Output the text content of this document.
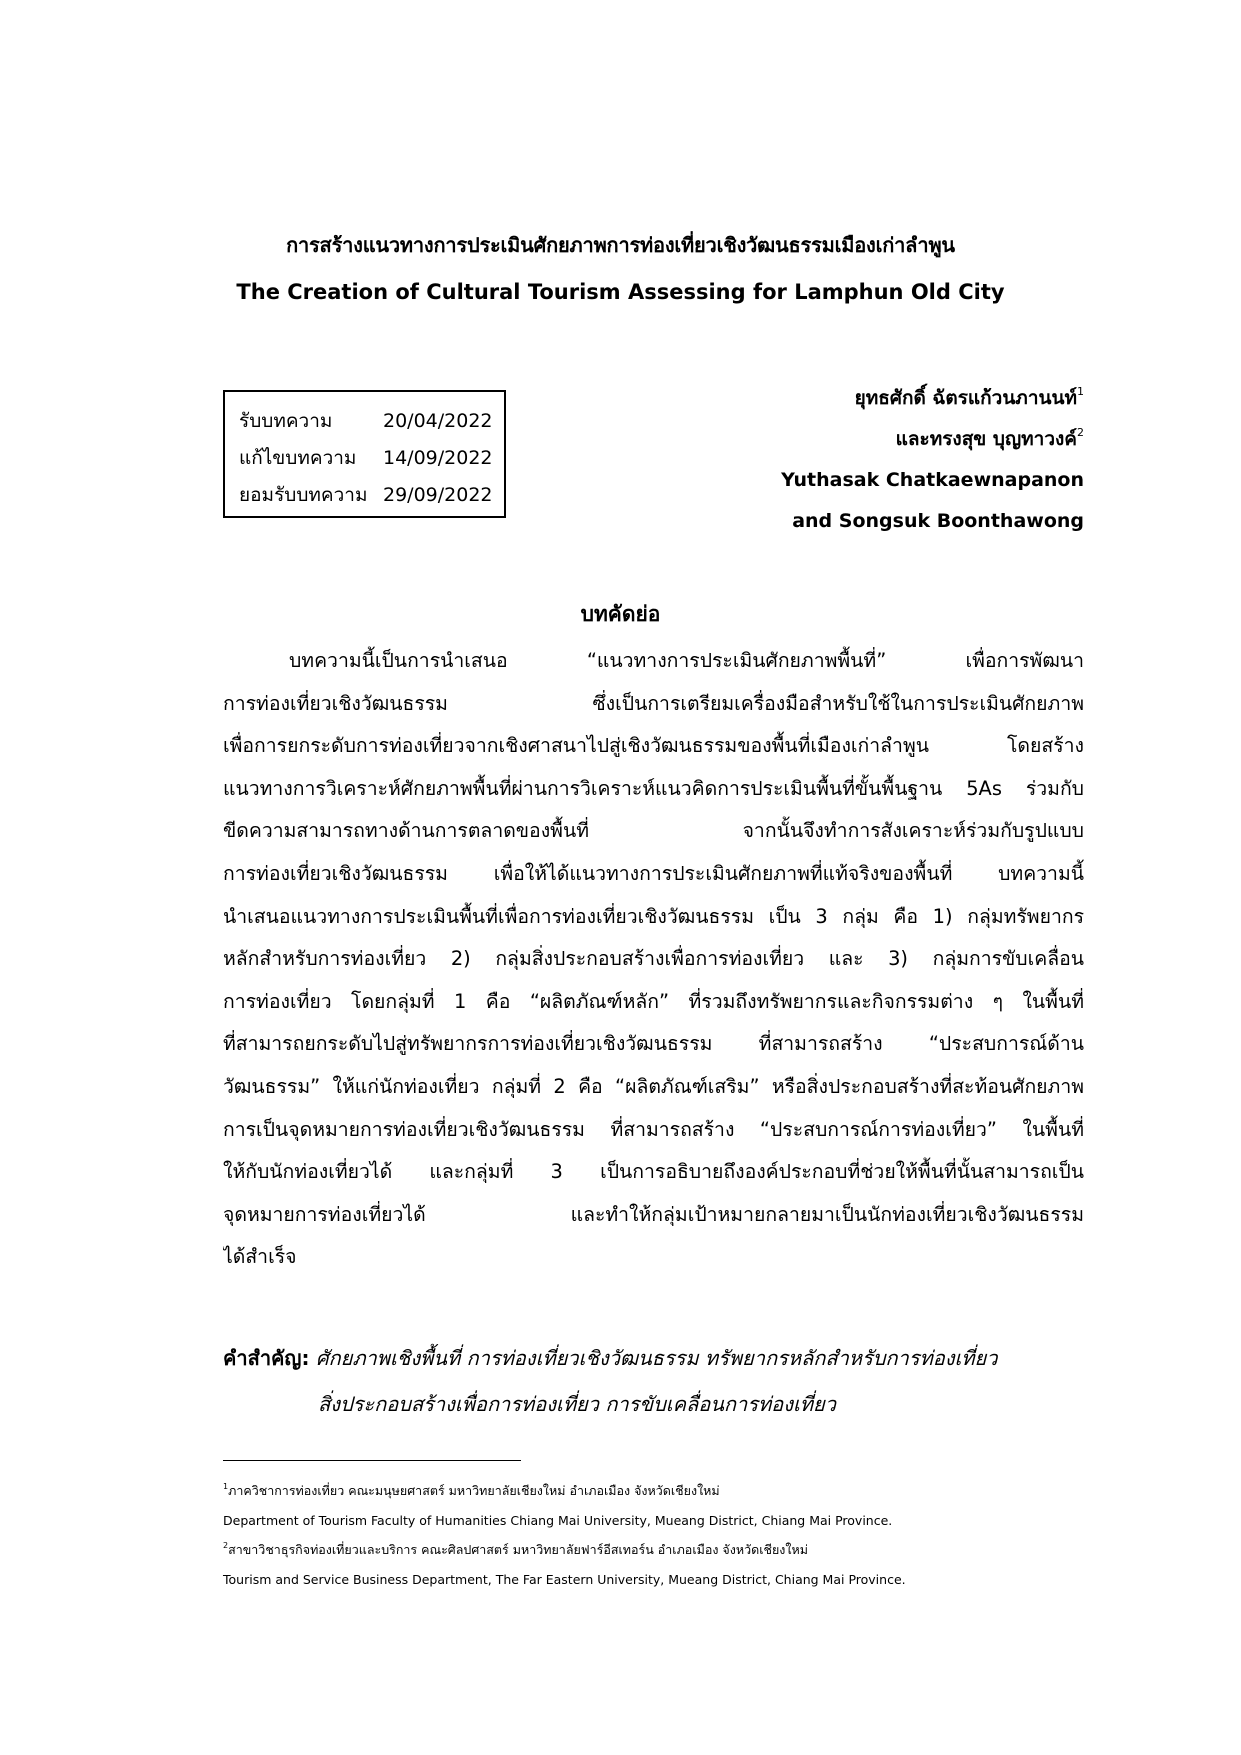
การสร้างแนวทางการประเมินศักยภาพการท่องเที่ยวเชิงวัฒนธรรมเมืองเก่าลำพูน
The Creation of Cultural Tourism Assessing for Lamphun Old City
รับบทความ	20/04/2022
แก้ไขบทความ	14/09/2022
ยอมรับบทความ 29/09/2022
ยุทธศักดิ์ ฉัตรแก้วนภานนท์$^1$
และทรงสุข บุญทาวงค์$^2$
Yuthasak Chatkaewnapanon
and Songsuk Boonthawong
บทคัดย่อ
บทความนี้เป็นการนำเสนอ “แนวทางการประเมินศักยภาพพื้นที่” เพื่อการพัฒนา
การท่องเที่ยวเชิงวัฒนธรรม ซึ่งเป็นการเตรียมเครื่องมือสำหรับใช้ในการประเมินศักยภาพ
เพื่อการยกระดับการท่องเที่ยวจากเชิงศาสนาไปสู่เชิงวัฒนธรรมของพื้นที่เมืองเก่าลำพูน โดยสร้าง
แนวทางการวิเคราะห์ศักยภาพพื้นที่ผ่านการวิเคราะห์แนวคิดการประเมินพื้นที่ขั้นพื้นฐาน 5As ร่วมกับ
ขีดความสามารถทางด้านการตลาดของพื้นที่ จากนั้นจึงทำการสังเคราะห์ร่วมกับรูปแบบ
การท่องเที่ยวเชิงวัฒนธรรม เพื่อให้ได้แนวทางการประเมินศักยภาพที่แท้จริงของพื้นที่ บทความนี้
นำเสนอแนวทางการประเมินพื้นที่เพื่อการท่องเที่ยวเชิงวัฒนธรรม เป็น 3 กลุ่ม คือ 1) กลุ่มทรัพยากร
หลักสำหรับการท่องเที่ยว 2) กลุ่มสิ่งประกอบสร้างเพื่อการท่องเที่ยว และ 3) กลุ่มการขับเคลื่อน
การท่องเที่ยว โดยกลุ่มที่ 1 คือ “ผลิตภัณฑ์หลัก” ที่รวมถึงทรัพยากรและกิจกรรมต่าง ๆ ในพื้นที่
ที่สามารถยกระดับไปสู่ทรัพยากรการท่องเที่ยวเชิงวัฒนธรรม ที่สามารถสร้าง “ประสบการณ์ด้าน
วัฒนธรรม” ให้แก่นักท่องเที่ยว กลุ่มที่ 2 คือ “ผลิตภัณฑ์เสริม” หรือสิ่งประกอบสร้างที่สะท้อนศักยภาพ
การเป็นจุดหมายการท่องเที่ยวเชิงวัฒนธรรม ที่สามารถสร้าง “ประสบการณ์การท่องเที่ยว” ในพื้นที่
ให้กับนักท่องเที่ยวได้ และกลุ่มที่ 3 เป็นการอธิบายถึงองค์ประกอบที่ช่วยให้พื้นที่นั้นสามารถเป็น
จุดหมายการท่องเที่ยวได้ และทำให้กลุ่มเป้าหมายกลายมาเป็นนักท่องเที่ยวเชิงวัฒนธรรม
ได้สำเร็จ
คำสำคัญ: ศักยภาพเชิงพื้นที่ การท่องเที่ยวเชิงวัฒนธรรม ทรัพยากรหลักสำหรับการท่องเที่ยว
สิ่งประกอบสร้างเพื่อการท่องเที่ยว การขับเคลื่อนการท่องเที่ยว
$^1$ภาควิชาการท่องเที่ยว คณะมนุษยศาสตร์ มหาวิทยาลัยเชียงใหม่ อำเภอเมือง จังหวัดเชียงใหม่
Department of Tourism Faculty of Humanities Chiang Mai University, Mueang District, Chiang Mai Province.
$^2$สาขาวิชาธุรกิจท่องเที่ยวและบริการ คณะศิลปศาสตร์ มหาวิทยาลัยฟาร์อีสเทอร์น อำเภอเมือง จังหวัดเชียงใหม่
Tourism and Service Business Department, The Far Eastern University, Mueang District, Chiang Mai Province.
